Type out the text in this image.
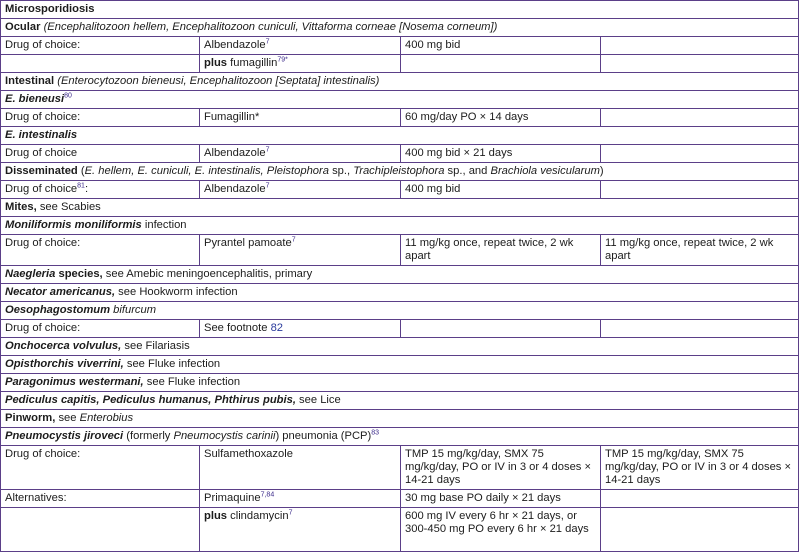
Microsporidiosis			
Ocular (Encephalitozoon hellem, Encephalitozoon cuniculi, Vittaforma corneae [Nosema corneum])			
Drug of choice:	Albendazole$^7$	400 mg bid	
	plus fumagillin$^{79*}$		
Intestinal (Enterocytozoon bieneusi, Encephalitozoon [Septata] intestinalis)			
E. bieneusi$^{80}$
Drug of choice:	Fumagillin*	60 mg/day PO × 14 days	
E. intestinalis			
Drug of choice	Albendazole$^7$	400 mg bid × 21 days	
Disseminated (E. hellem, E. cuniculi, E. intestinalis, Pleistophora sp., Trachipleistophora sp., and Brachiola vesicularum)			
Drug of choice$^{81}$:	Albendazole$^7$	400 mg bid	
Mites, see Scabies			
Moniliformis moniliformis infection			
Drug of choice:	Pyrantel pamoate$^7$	11 mg/kg once, repeat twice, 2 wk apart	11 mg/kg once, repeat twice, 2 wk apart
Naegleria species, see Amebic meningoencephalitis, primary			
Necator americanus, see Hookworm infection			
Oesophagostomum bifurcum			
Drug of choice:	See footnote 82		
Onchocerca volvulus, see Filariasis			
Opisthorchis viverrini, see Fluke infection			
Paragonimus westermani, see Fluke infection			
Pediculus capitis, Pediculus humanus, Phthirus pubis, see Lice			
Pinworm, see Enterobius			
Pneumocystis jiroveci (formerly Pneumocystis carinii) pneumonia (PCP)$^{83}$
Drug of choice:	Sulfamethoxazole	TMP 15 mg/kg/day, SMX 75 mg/kg/day, PO or IV in 3 or 4 doses × 14-21 days	TMP 15 mg/kg/day, SMX 75 mg/kg/day, PO or IV in 3 or 4 doses × 14-21 days
Alternatives:	Primaquine$^{7,84}$	30 mg base PO daily × 21 days	
	plus clindamycin$^7$	600 mg IV every 6 hr × 21 days, or 300-450 mg PO every 6 hr × 21 days	
